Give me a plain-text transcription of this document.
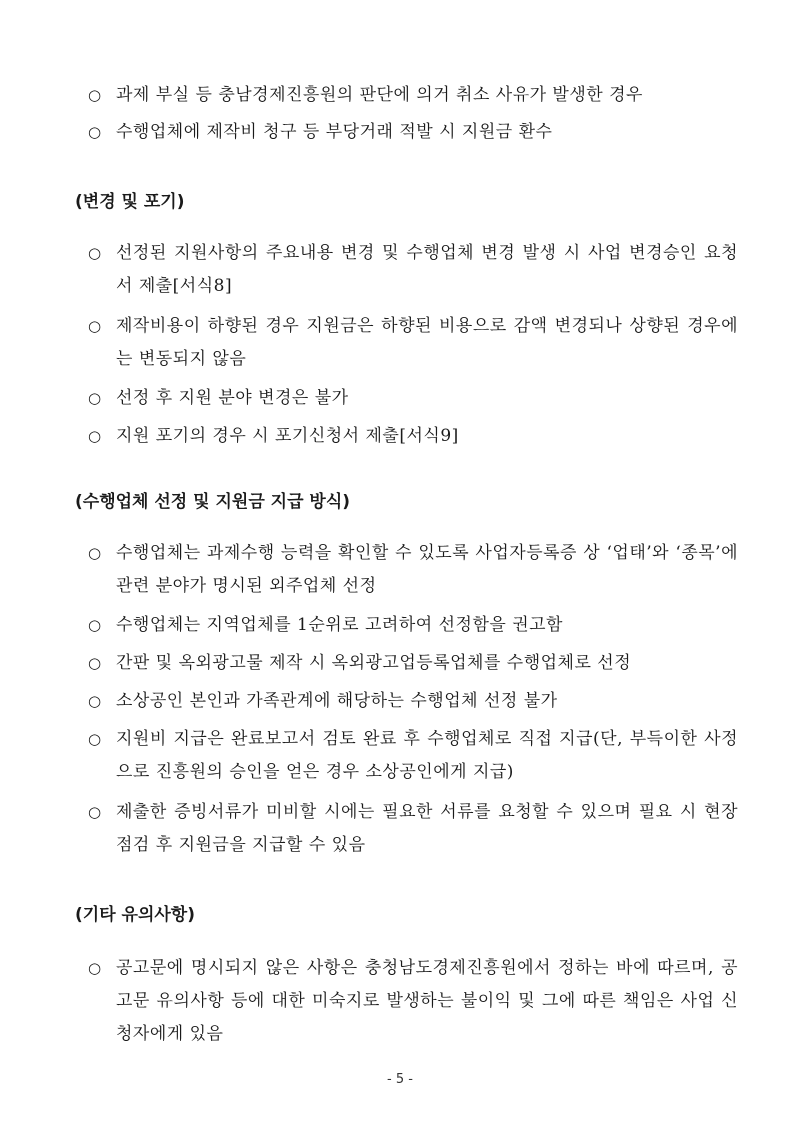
○ 과제 부실 등 충남경제진흥원의 판단에 의거 취소 사유가 발생한 경우
○ 수행업체에 제작비 청구 등 부당거래 적발 시 지원금 환수
(변경 및 포기)
○ 선정된 지원사항의 주요내용 변경 및 수행업체 변경 발생 시 사업 변경승인 요청서 제출[서식8]
○ 제작비용이 하향된 경우 지원금은 하향된 비용으로 감액 변경되나 상향된 경우에는 변동되지 않음
○ 선정 후 지원 분야 변경은 불가
○ 지원 포기의 경우 시 포기신청서 제출[서식9]
(수행업체 선정 및 지원금 지급 방식)
○ 수행업체는 과제수행 능력을 확인할 수 있도록 사업자등록증 상 ‘업태’와 ‘종목’에 관련 분야가 명시된 외주업체 선정
○ 수행업체는 지역업체를 1순위로 고려하여 선정함을 권고함
○ 간판 및 옥외광고물 제작 시 옥외광고업등록업체를 수행업체로 선정
○ 소상공인 본인과 가족관계에 해당하는 수행업체 선정 불가
○ 지원비 지급은 완료보고서 검토 완료 후 수행업체로 직접 지급(단, 부득이한 사정으로 진흥원의 승인을 얻은 경우 소상공인에게 지급)
○ 제출한 증빙서류가 미비할 시에는 필요한 서류를 요청할 수 있으며 필요 시 현장점검 후 지원금을 지급할 수 있음
(기타 유의사항)
○ 공고문에 명시되지 않은 사항은 충청남도경제진흥원에서 정하는 바에 따르며, 공고문 유의사항 등에 대한 미숙지로 발생하는 불이익 및 그에 따른 책임은 사업 신청자에게 있음
- 5 -
